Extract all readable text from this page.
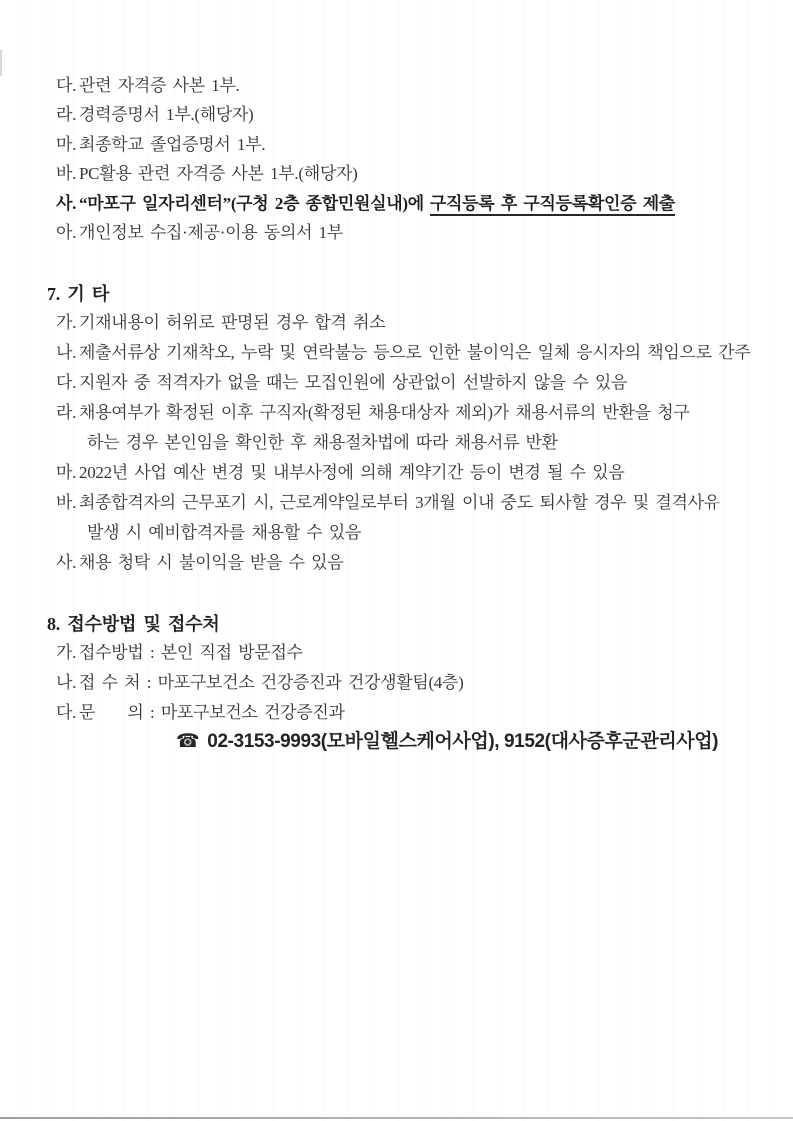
다. 관련 자격증 사본 1부.
라. 경력증명서 1부.(해당자)
마. 최종학교 졸업증명서 1부.
바. PC활용 관련 자격증 사본 1부.(해당자)
사. “마포구 일자리센터”(구청 2층 종합민원실내)에 구직등록 후 구직등록확인증 제출
아. 개인정보 수집·제공·이용 동의서 1부
7. 기 타
가. 기재내용이 허위로 판명된 경우 합격 취소
나. 제출서류상 기재착오, 누락 및 연락불능 등으로 인한 불이익은 일체 응시자의 책임으로 간주
다. 지원자 중 적격자가 없을 때는 모집인원에 상관없이 선발하지 않을 수 있음
라. 채용여부가 확정된 이후 구직자(확정된 채용대상자 제외)가 채용서류의 반환을 청구
하는 경우 본인임을 확인한 후 채용절차법에 따라 채용서류 반환
마. 2022년 사업 예산 변경 및 내부사정에 의해 계약기간 등이 변경 될 수 있음
바. 최종합격자의 근무포기 시, 근로계약일로부터 3개월 이내 중도 퇴사할 경우 및 결격사유
발생 시 예비합격자를 채용할 수 있음
사. 채용 청탁 시 불이익을 받을 수 있음
8. 접수방법 및 접수처
가. 접수방법 : 본인 직접 방문접수
나. 접 수 처 : 마포구보건소 건강증진과 건강생활팀(4층)
다. 문     의 : 마포구보건소 건강증진과
☎ 02-3153-9993(모바일헬스케어사업), 9152(대사증후군관리사업)
